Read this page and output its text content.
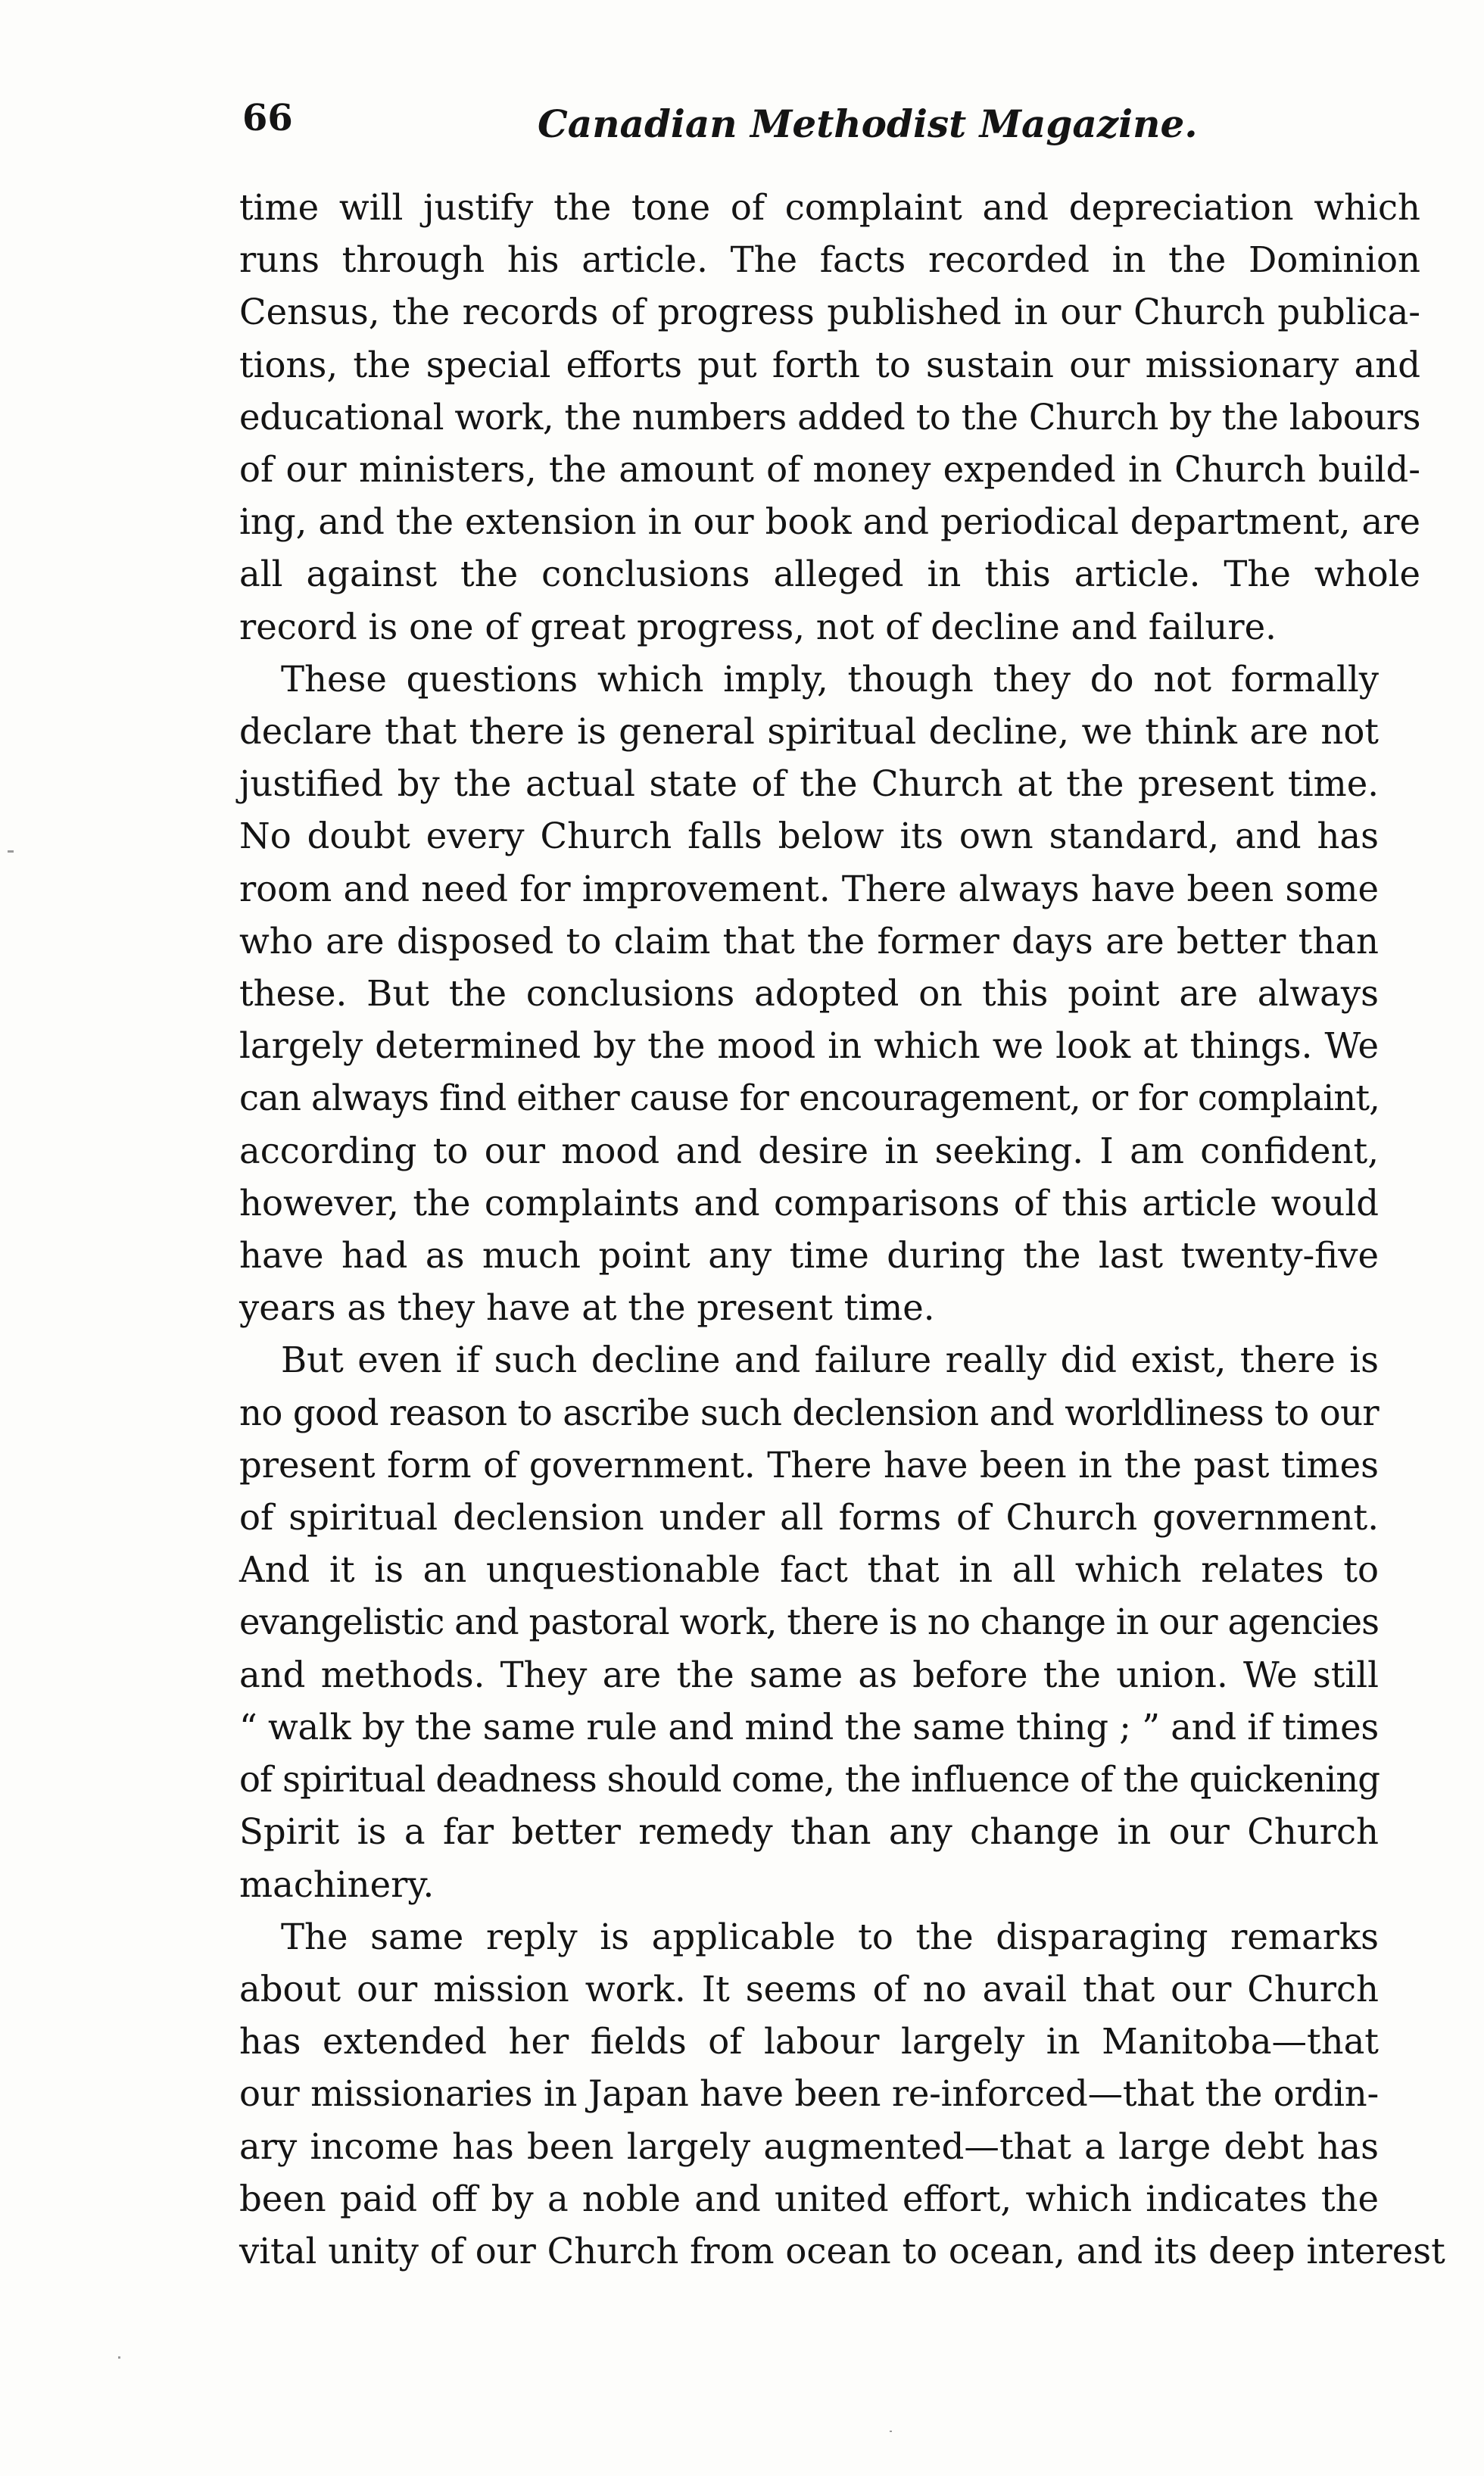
66	Canadian Methodist Magazine.

time will justify the tone of complaint and depreciation which
runs through his article. The facts recorded in the Dominion
Census, the records of progress published in our Church publica-
tions, the special efforts put forth to sustain our missionary and
educational work, the numbers added to the Church by the labours
of our ministers, the amount of money expended in Church build-
ing, and the extension in our book and periodical department, are
all against the conclusions alleged in this article. The whole
record is one of great progress, not of decline and failure.

These questions which imply, though they do not formally
declare that there is general spiritual decline, we think are not
justified by the actual state of the Church at the present time.
No doubt every Church falls below its own standard, and has
room and need for improvement. There always have been some
who are disposed to claim that the former days are better than
these. But the conclusions adopted on this point are always
largely determined by the mood in which we look at things. We
can always find either cause for encouragement, or for complaint,
according to our mood and desire in seeking. I am confident,
however, the complaints and comparisons of this article would
have had as much point any time during the last twenty-five
years as they have at the present time.

But even if such decline and failure really did exist, there is
no good reason to ascribe such declension and worldliness to our
present form of government. There have been in the past times
of spiritual declension under all forms of Church government.
And it is an unquestionable fact that in all which relates to
evangelistic and pastoral work, there is no change in our agencies
and methods. They are the same as before the union. We still
“ walk by the same rule and mind the same thing ; ” and if times
of spiritual deadness should come, the influence of the quickening
Spirit is a far better remedy than any change in our Church
machinery.

The same reply is applicable to the disparaging remarks
about our mission work. It seems of no avail that our Church
has extended her fields of labour largely in Manitoba—that
our missionaries in Japan have been re-inforced—that the ordin-
ary income has been largely augmented—that a large debt has
been paid off by a noble and united effort, which indicates the
vital unity of our Church from ocean to ocean, and its deep interest
